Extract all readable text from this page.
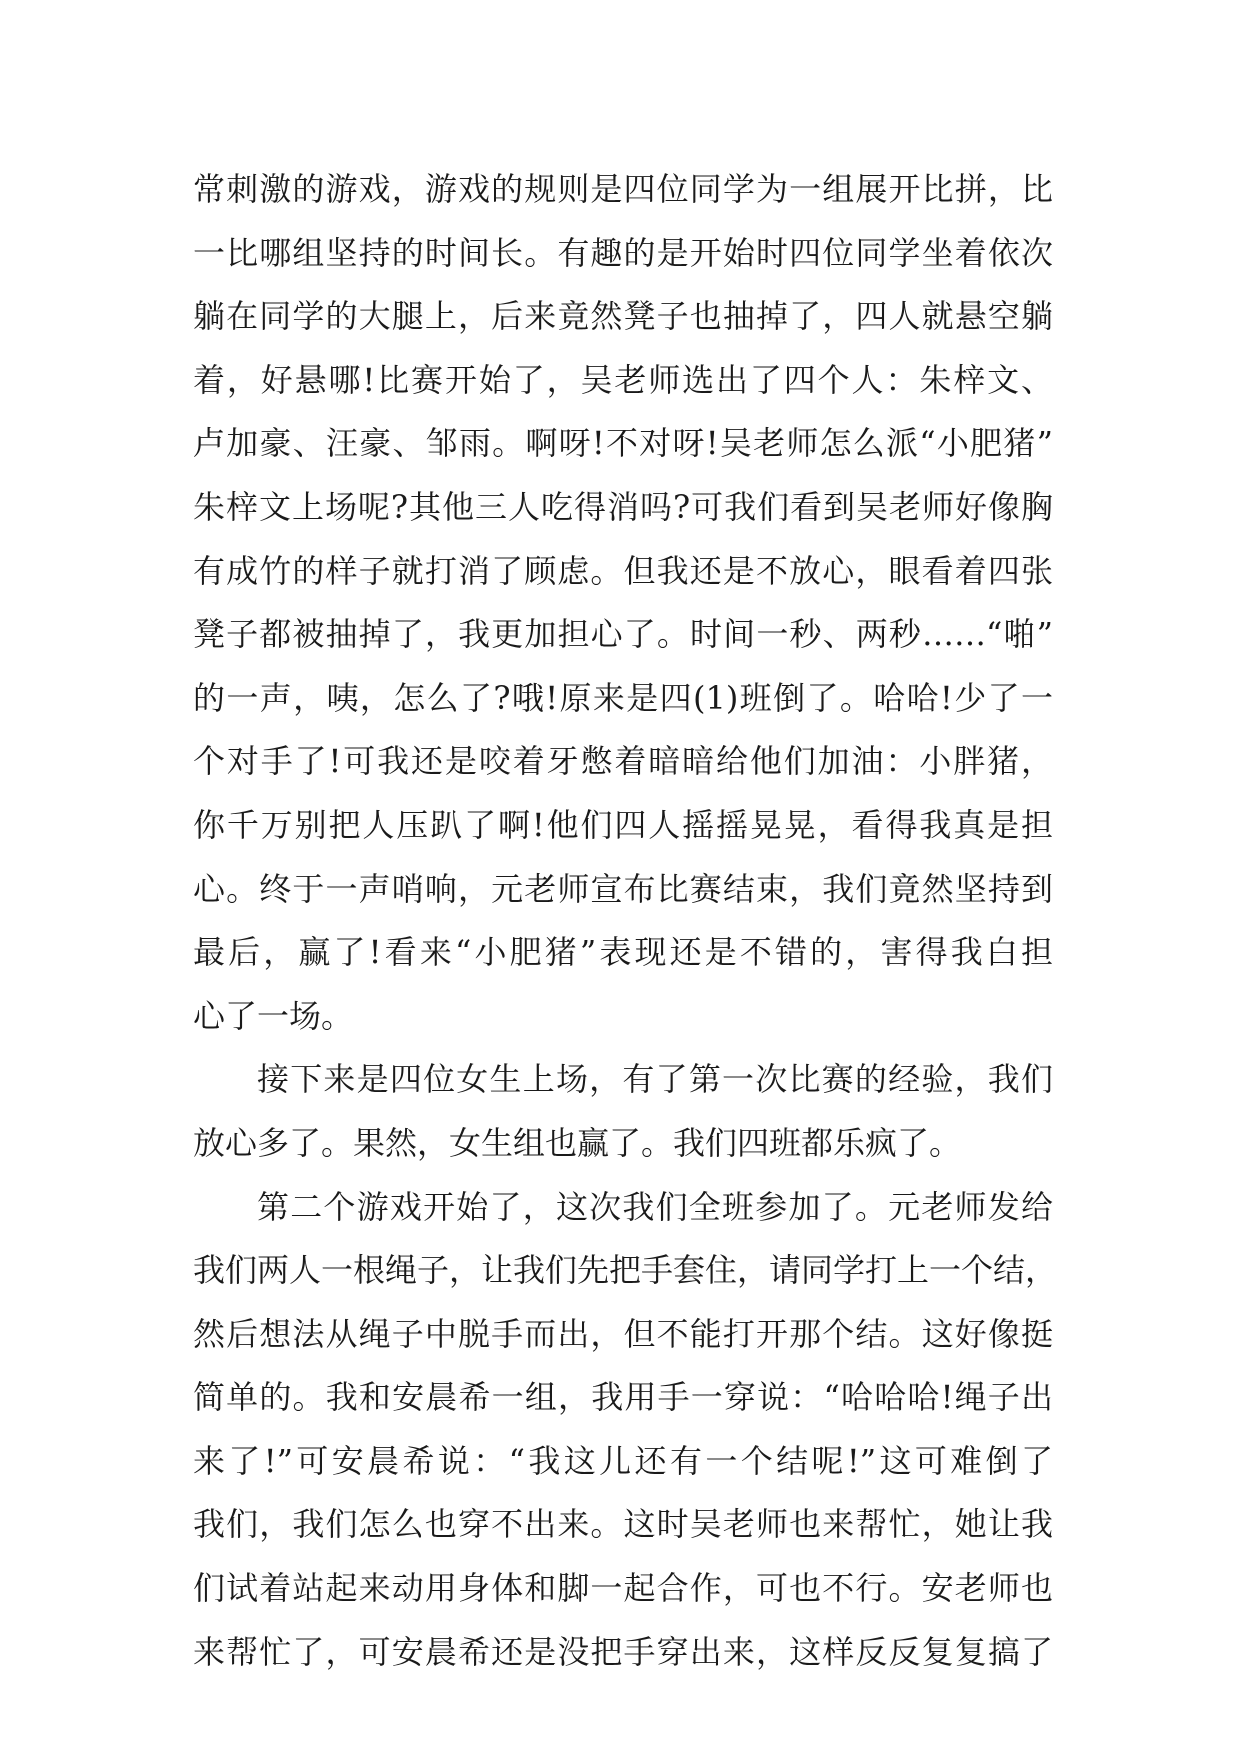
常刺激的游戏，游戏的规则是四位同学为一组展开比拼，比
一比哪组坚持的时间长。有趣的是开始时四位同学坐着依次
躺在同学的大腿上，后来竟然凳子也抽掉了，四人就悬空躺
着，好悬哪!比赛开始了，吴老师选出了四个人：朱梓文、
卢加豪、汪豪、邹雨。啊呀!不对呀!吴老师怎么派“小肥猪”
朱梓文上场呢?其他三人吃得消吗?可我们看到吴老师好像胸
有成竹的样子就打消了顾虑。但我还是不放心，眼看着四张
凳子都被抽掉了，我更加担心了。时间一秒、两秒……“啪”
的一声，咦，怎么了?哦!原来是四(1)班倒了。哈哈!少了一
个对手了!可我还是咬着牙憋着暗暗给他们加油：小胖猪，
你千万别把人压趴了啊!他们四人摇摇晃晃，看得我真是担
心。终于一声哨响，元老师宣布比赛结束，我们竟然坚持到
最后，赢了!看来“小肥猪”表现还是不错的，害得我白担
心了一场。
接下来是四位女生上场，有了第一次比赛的经验，我们
放心多了。果然，女生组也赢了。我们四班都乐疯了。
第二个游戏开始了，这次我们全班参加了。元老师发给
我们两人一根绳子，让我们先把手套住，请同学打上一个结，
然后想法从绳子中脱手而出，但不能打开那个结。这好像挺
简单的。我和安晨希一组，我用手一穿说：“哈哈哈!绳子出
来了!”可安晨希说：“我这儿还有一个结呢!”这可难倒了
我们，我们怎么也穿不出来。这时吴老师也来帮忙，她让我
们试着站起来动用身体和脚一起合作，可也不行。安老师也
来帮忙了，可安晨希还是没把手穿出来，这样反反复复搞了
